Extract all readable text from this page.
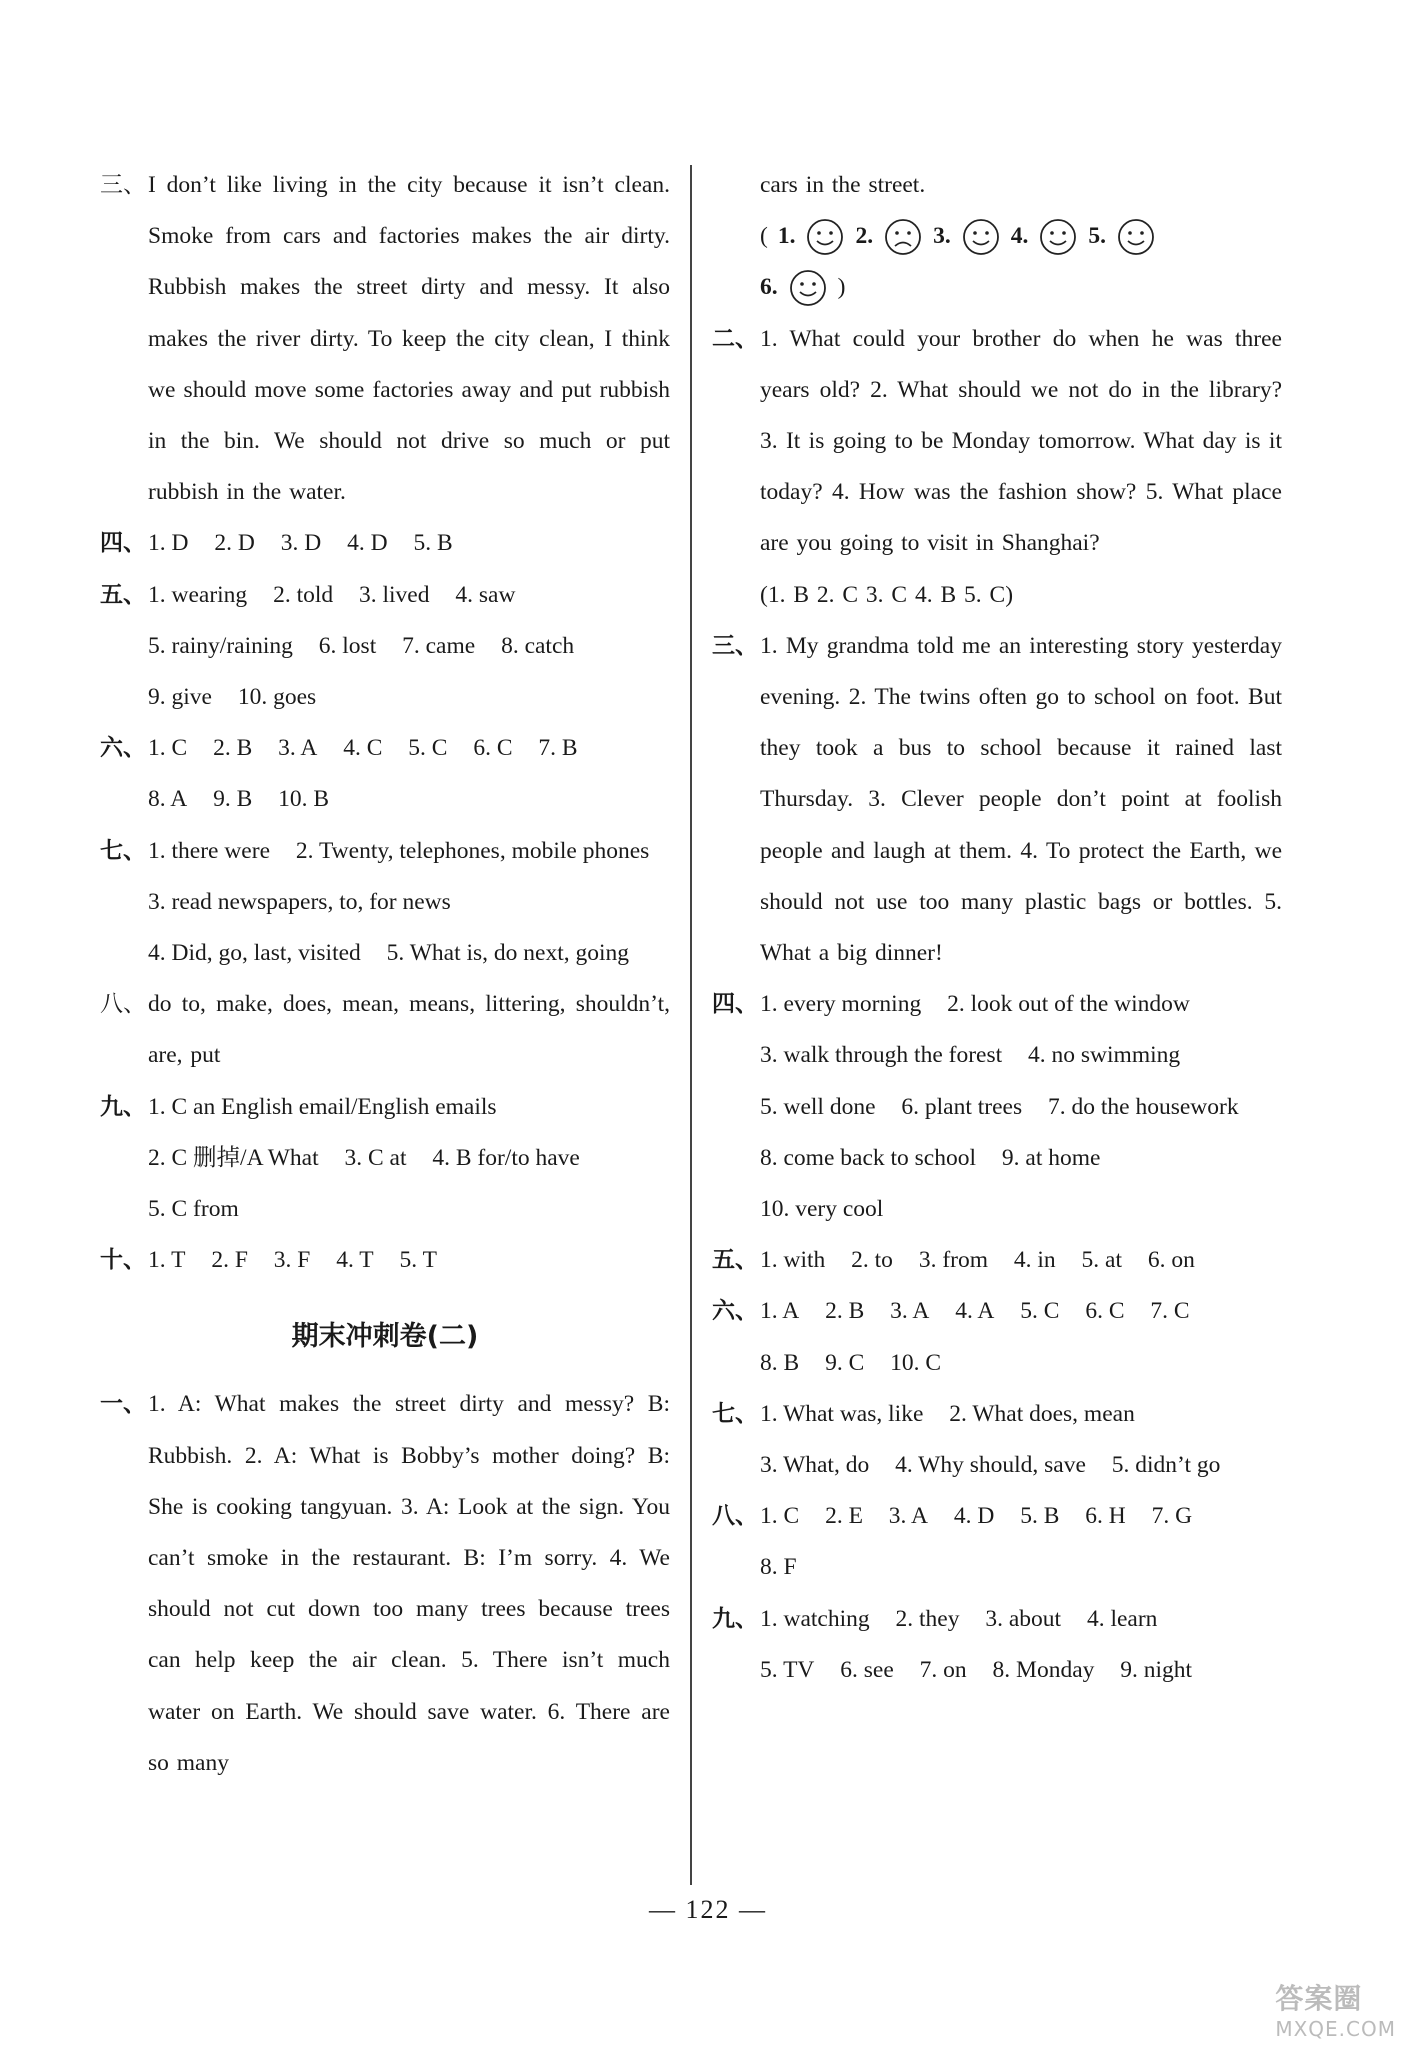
三、 I don’t like living in the city because it isn’t clean. Smoke from cars and factories makes the air dirty. Rubbish makes the street dirty and messy. It also makes the river dirty. To keep the city clean, I think we should move some factories away and put rubbish in the bin. We should not drive so much or put rubbish in the water.
四、 1. D 2. D 3. D 4. D 5. B
五、 1. wearing 2. told 3. lived 4. saw
5. rainy/raining 6. lost 7. came 8. catch
9. give 10. goes
六、 1. C 2. B 3. A 4. C 5. C 6. C 7. B
8. A 9. B 10. B
七、 1. there were 2. Twenty, telephones, mobile phones
3. read newspapers, to, for news
4. Did, go, last, visited 5. What is, do next, going
八、 do to, make, does, mean, means, littering, shouldn’t, are, put
九、 1. C an English email/English emails
2. C 删掉/A What 3. C at 4. B for/to have
5. C from
十、 1. T 2. F 3. F 4. T 5. T
期末冲刺卷(二)
一、 1. A: What makes the street dirty and messy? B: Rubbish. 2. A: What is Bobby’s mother doing? B: She is cooking tangyuan. 3. A: Look at the sign. You can’t smoke in the restaurant. B: I’m sorry. 4. We should not cut down too many trees because trees can help keep the air clean. 5. There isn’t much water on Earth. We should save water. 6. There are so many
cars in the street.
( 1.	2.	3.	4.	5.
6.	)
二、 1. What could your brother do when he was three years old? 2. What should we not do in the library? 3. It is going to be Monday tomorrow. What day is it today? 4. How was the fashion show? 5. What place are you going to visit in Shanghai?
(1. B 2. C 3. C 4. B 5. C)
三、 1. My grandma told me an interesting story yesterday evening. 2. The twins often go to school on foot. But they took a bus to school because it rained last Thursday. 3. Clever people don’t point at foolish people and laugh at them. 4. To protect the Earth, we should not use too many plastic bags or bottles. 5. What a big dinner!
四、 1. every morning 2. look out of the window
3. walk through the forest 4. no swimming
5. well done 6. plant trees 7. do the housework
8. come back to school 9. at home
10. very cool
五、 1. with 2. to 3. from 4. in 5. at 6. on
六、 1. A 2. B 3. A 4. A 5. C 6. C 7. C
8. B 9. C 10. C
七、 1. What was, like 2. What does, mean
3. What, do 4. Why should, save 5. didn’t go
八、 1. C 2. E 3. A 4. D 5. B 6. H 7. G
8. F
九、 1. watching 2. they 3. about 4. learn
5. TV 6. see 7. on 8. Monday 9. night
— 122 —
答案圈
MXQE.COM
